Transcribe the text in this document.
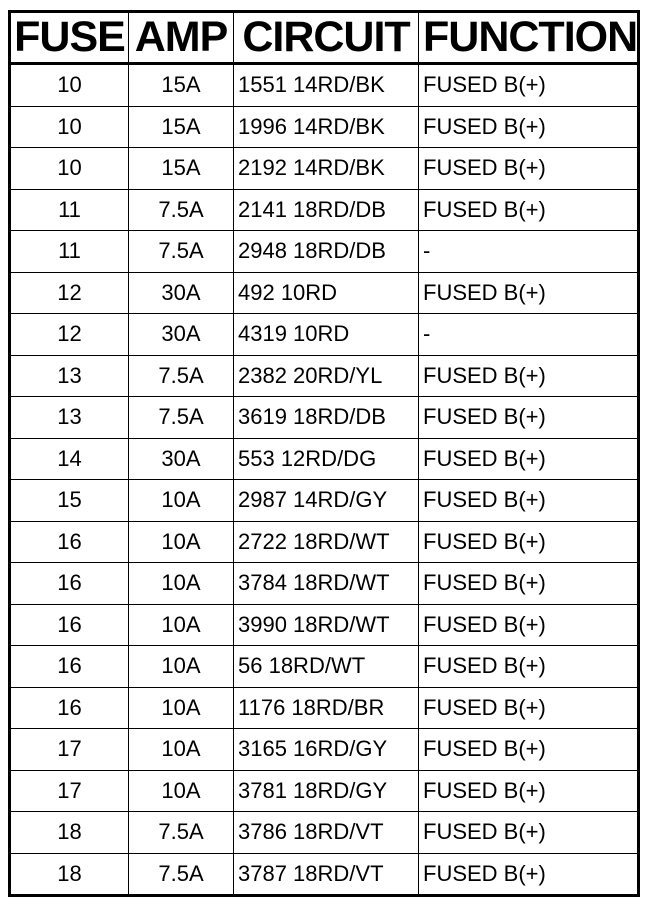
FUSE	AMP	CIRCUIT	FUNCTION
10	15A	1551 14RD/BK	FUSED B(+)
10	15A	1996 14RD/BK	FUSED B(+)
10	15A	2192 14RD/BK	FUSED B(+)
11	7.5A	2141 18RD/DB	FUSED B(+)
11	7.5A	2948 18RD/DB	-
12	30A	492 10RD	FUSED B(+)
12	30A	4319 10RD	-
13	7.5A	2382 20RD/YL	FUSED B(+)
13	7.5A	3619 18RD/DB	FUSED B(+)
14	30A	553 12RD/DG	FUSED B(+)
15	10A	2987 14RD/GY	FUSED B(+)
16	10A	2722 18RD/WT	FUSED B(+)
16	10A	3784 18RD/WT	FUSED B(+)
16	10A	3990 18RD/WT	FUSED B(+)
16	10A	56 18RD/WT	FUSED B(+)
16	10A	1176 18RD/BR	FUSED B(+)
17	10A	3165 16RD/GY	FUSED B(+)
17	10A	3781 18RD/GY	FUSED B(+)
18	7.5A	3786 18RD/VT	FUSED B(+)
18	7.5A	3787 18RD/VT	FUSED B(+)
